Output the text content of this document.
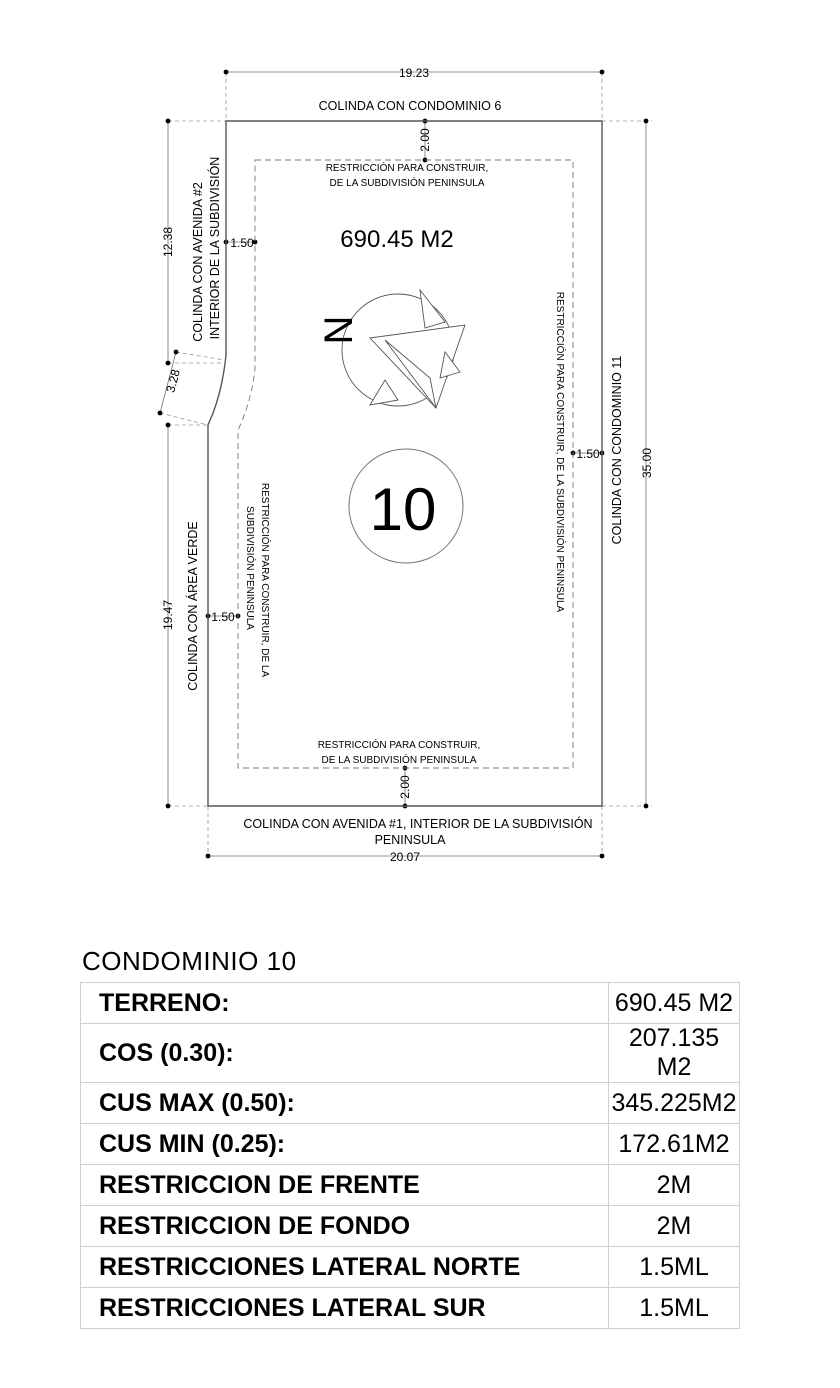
N
10
690.45 M2
19.23
20.07
35.00
12.38
3.28
19.47
2.00
2.00
1.50
1.50
1.50
COLINDA CON CONDOMINIO 6
COLINDA CON CONDOMINIO 11
COLINDA CON AVENIDA #1, INTERIOR DE LA SUBDIVISIÓN
PENINSULA
COLINDA CON AVENIDA #2 INTERIOR DE LA SUBDIVISIÓN
COLINDA CON ÁREA VERDE
RESTRICCIÓN PARA CONSTRUIR,
DE LA SUBDIVISIÓN PENINSULA
RESTRICCIÓN PARA CONSTRUIR,
DE LA SUBDIVISIÓN PENINSULA
RESTRICCIÓN PARA CONSTRUIR, DE LA SUBDIVISIÓN PENINSULA
RESTRICCIÓN PARA CONSTRUIR, DE LA
SUBDIVISIÓN PENINSULA
CONDOMINIO 10
TERRENO:	690.45 M2
COS (0.30):	207.135 M2
CUS MAX (0.50):	345.225M2
CUS MIN (0.25):	172.61M2
RESTRICCION DE FRENTE	2M
RESTRICCION DE FONDO	2M
RESTRICCIONES LATERAL NORTE	1.5ML
RESTRICCIONES LATERAL SUR	1.5ML
